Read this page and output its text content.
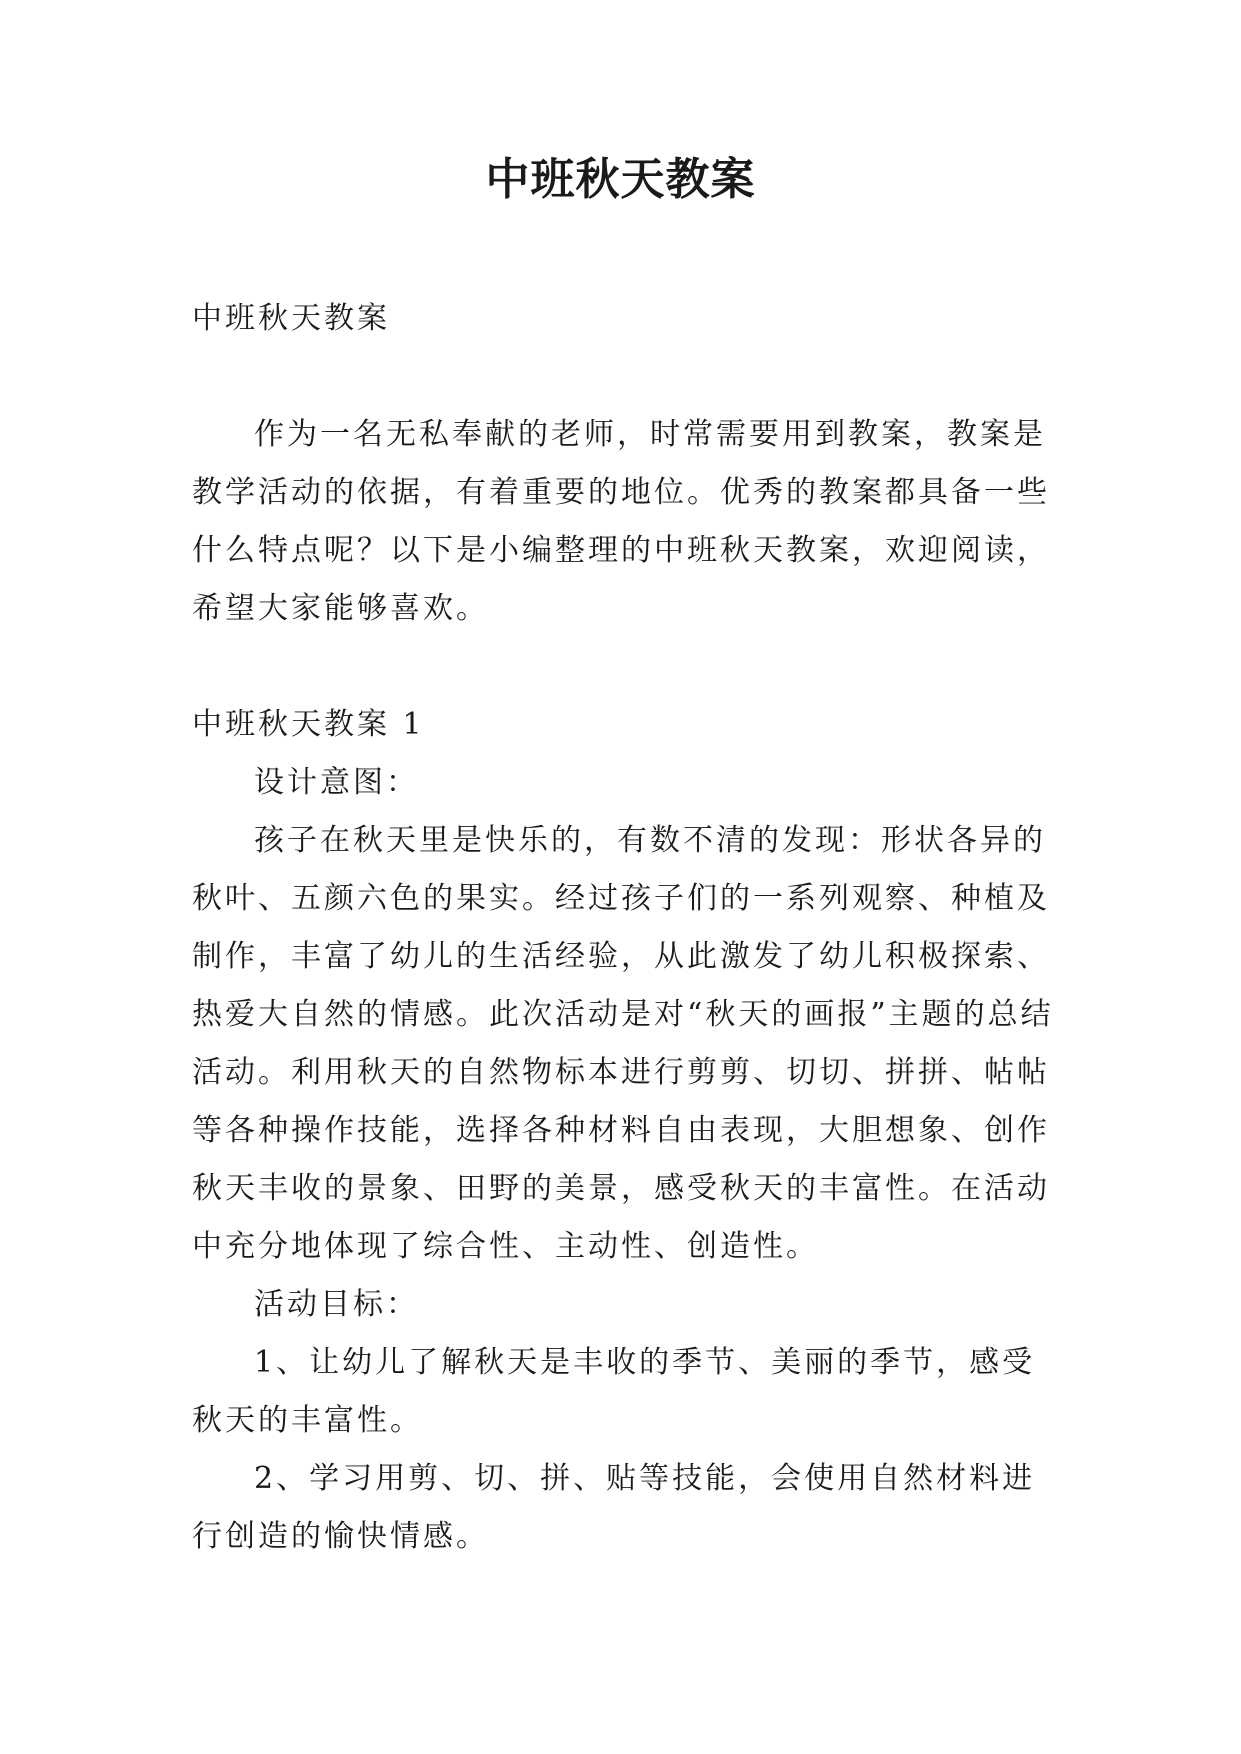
中班秋天教案

中班秋天教案

作为一名无私奉献的老师，时常需要用到教案，教案是教学活动的依据，有着重要的地位。优秀的教案都具备一些什么特点呢？以下是小编整理的中班秋天教案，欢迎阅读，希望大家能够喜欢。

中班秋天教案 1

设计意图：

孩子在秋天里是快乐的，有数不清的发现：形状各异的秋叶、五颜六色的果实。经过孩子们的一系列观察、种植及制作，丰富了幼儿的生活经验，从此激发了幼儿积极探索、热爱大自然的情感。此次活动是对“秋天的画报”主题的总结活动。利用秋天的自然物标本进行剪剪、切切、拼拼、帖帖等各种操作技能，选择各种材料自由表现，大胆想象、创作秋天丰收的景象、田野的美景，感受秋天的丰富性。在活动中充分地体现了综合性、主动性、创造性。

活动目标：

1、让幼儿了解秋天是丰收的季节、美丽的季节，感受秋天的丰富性。

2、学习用剪、切、拼、贴等技能，会使用自然材料进行创造的愉快情感。
